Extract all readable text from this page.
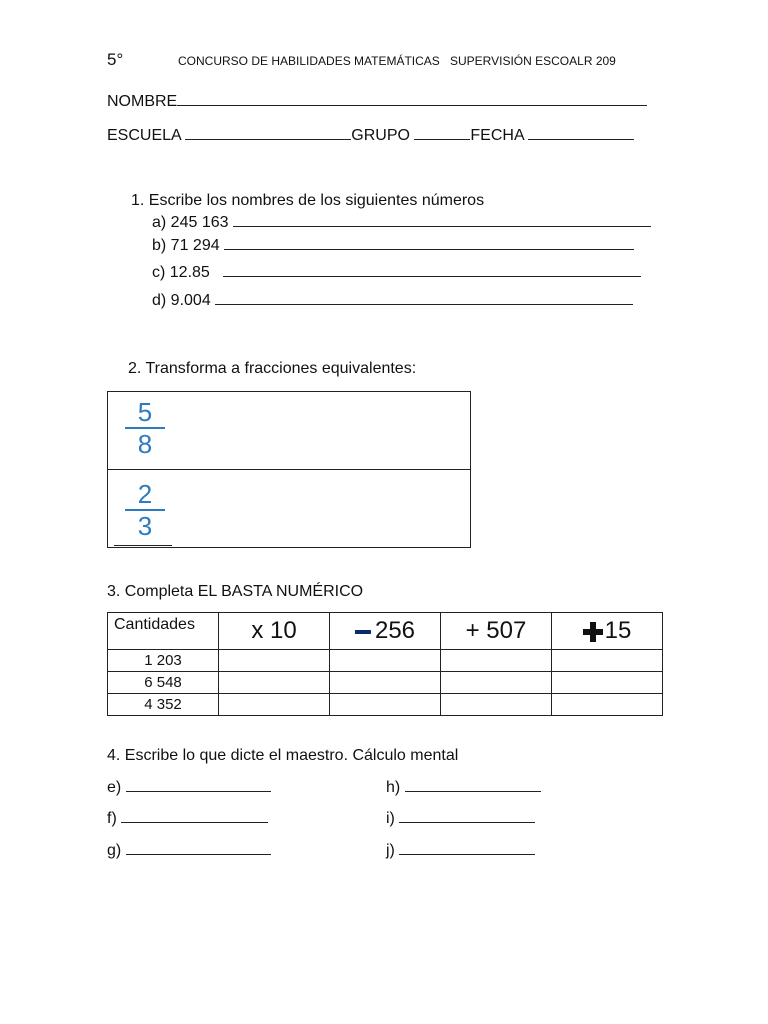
5°	CONCURSO DE HABILIDADES MATEMÁTICAS SUPERVISIÓN ESCOALR 209
NOMBRE
ESCUELA	GRUPO	FECHA
1. Escribe los nombres de los siguientes números
a) 245 163
b) 71 294
c) 12.85
d) 9.004
2. Transforma a fracciones equivalentes:
5
8
2
3
3. Completa EL BASTA NUMÉRICO
Cantidades	x 10	256	+ 507	15
1 203				
6 548				
4 352				
4. Escribe lo que dicte el maestro. Cálculo mental
e)
f)
g)
h)
i)
j)
